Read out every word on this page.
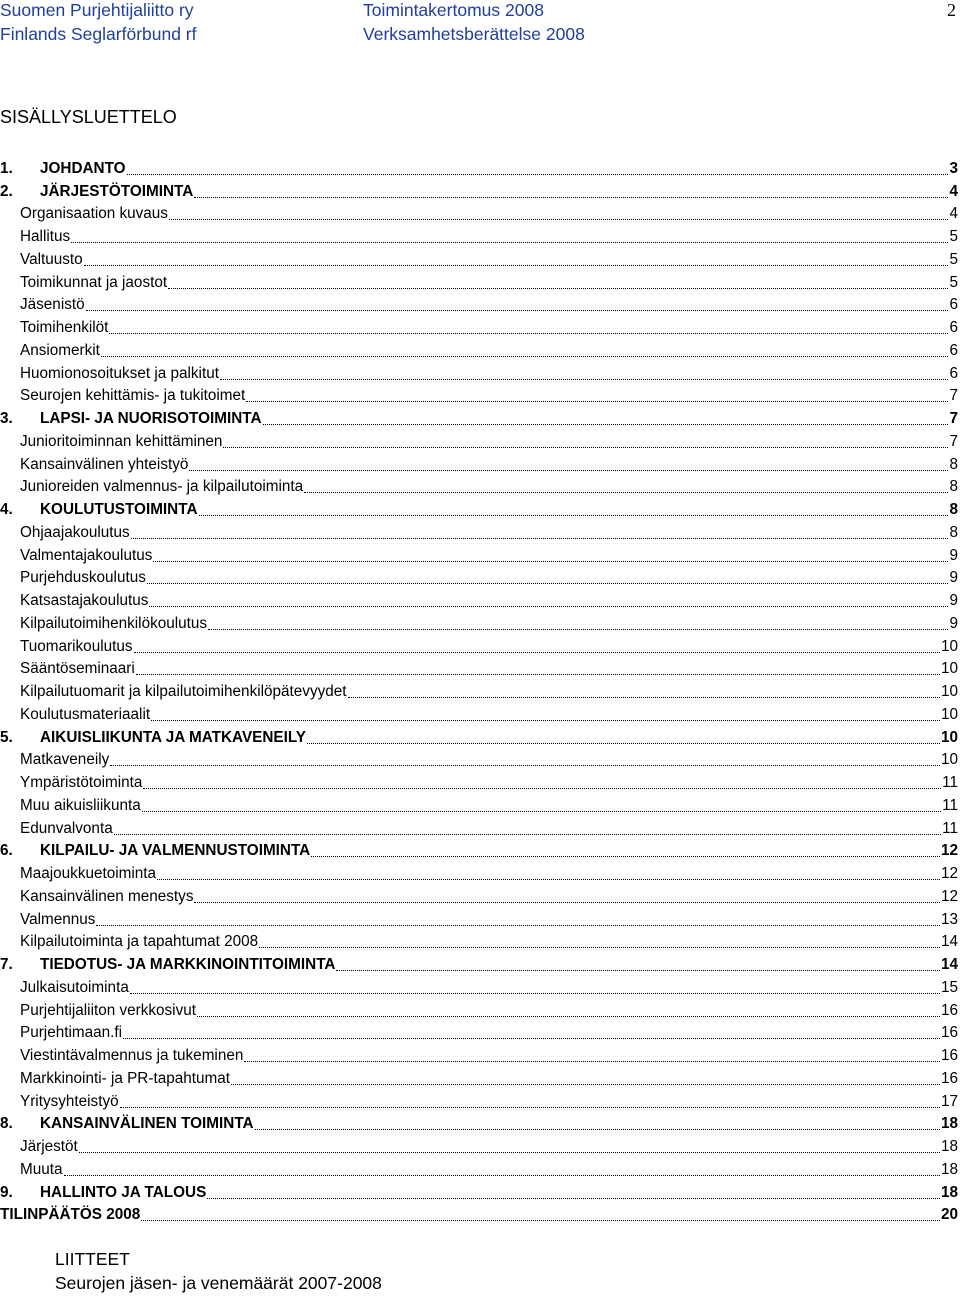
Suomen Purjehtijaliitto ry
Finlands Seglarförbund rf
Toimintakertomus 2008
Verksamhetsberättelse 2008
2
SISÄLLYSLUETTELO
1.	JOHDANTO	3
2.	JÄRJESTÖTOIMINTA	4
Organisaation kuvaus	4
Hallitus	5
Valtuusto	5
Toimikunnat ja jaostot	5
Jäsenistö	6
Toimihenkilöt	6
Ansiomerkit	6
Huomionosoitukset ja palkitut	6
Seurojen kehittämis- ja tukitoimet	7
3.	LAPSI- JA NUORISOTOIMINTA	7
Junioritoiminnan kehittäminen	7
Kansainvälinen yhteistyö	8
Junioreiden valmennus- ja kilpailutoiminta	8
4.	KOULUTUSTOIMINTA	8
Ohjaajakoulutus	8
Valmentajakoulutus	9
Purjehduskoulutus	9
Katsastajakoulutus	9
Kilpailutoimihenkilökoulutus	9
Tuomarikoulutus	10
Sääntöseminaari	10
Kilpailutuomarit ja kilpailutoimihenkilöpätevyydet	10
Koulutusmateriaalit	10
5.	AIKUISLIIKUNTA JA MATKAVENEILY	10
Matkaveneily	10
Ympäristötoiminta	11
Muu aikuisliikunta	11
Edunvalvonta	11
6.	KILPAILU- JA VALMENNUSTOIMINTA	12
Maajoukkuetoiminta	12
Kansainvälinen menestys	12
Valmennus	13
Kilpailutoiminta ja tapahtumat 2008	14
7.	TIEDOTUS- JA MARKKINOINTITOIMINTA	14
Julkaisutoiminta	15
Purjehtijaliiton verkkosivut	16
Purjehtimaan.fi	16
Viestintävalmennus ja tukeminen	16
Markkinointi- ja PR-tapahtumat	16
Yritysyhteistyö	17
8.	KANSAINVÄLINEN TOIMINTA	18
Järjestöt	18
Muuta	18
9.	HALLINTO JA TALOUS	18
TILINPÄÄTÖS 2008	20
LIITTEET
Seurojen jäsen- ja venemäärät 2007-2008
